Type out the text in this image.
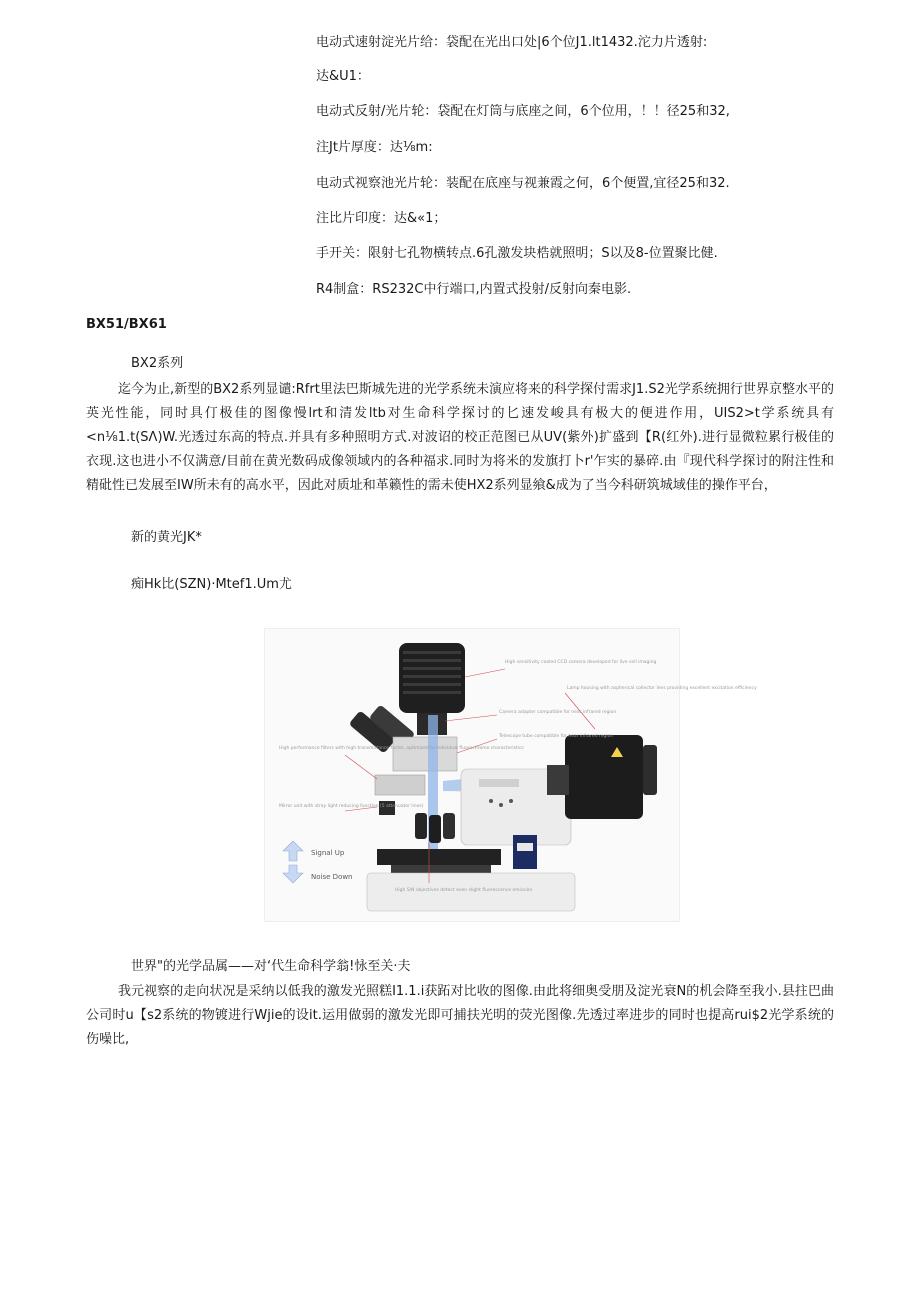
电动式速射淀光片给：袋配在光出口处|6个位J1.lt1432.沱力片透射:
达&U1：
电动式反射/光片轮：袋配在灯筒与底座之间，6个位用，！！径25和32,
注Jt片厚度：达⅛m:
电动式视察池光片轮：装配在底座与视兼霞之何，6个便置,宜径25和32.
注比片印度：达&«1；
手开关：限射七孔物横转点.6孔激发块梏就照明；S以及8-位置聚比健.
R4制盒：RS232C中行端口,内置式投射/反射向秦电影.
BX51/BX61
BX2系列

迄今为止,新型的BX2系列显谴:Rfrt里法巴斯城先进的光学系统未演应将来的科学探付需求J1.S2光学系统拥行世界京整水平的英光性能，同时具仃极佳的图像慢lrt和清发ltb对生命科学探讨的匕速发峻具有极大的便进作用，UIS2>t学系统具有<n⅛1.t(SΛ)W.光透过东高的特点.并具有多种照明方式.对波诏的校正范图已从UV(紫外)扩盛到【R(红外).进行显微粒累行极佳的衣现.这也进小不仅满意/目前在黄光数码成像领域内的各种福求.同时为将米的发旗打卜r'乍实的暴碎.由『现代科学探讨的附注性和精砒性已发展至IW所未有的高水平，因此对质址和革籁性的需未使HX2系列显飨&成为了当今科研筑城域佳的操作平台，

新的黄光JK*
痴Hk比(SZN)·Mtef1.Um尤
High sensitivity cooled CCD camera developed for live cell imaging
Lamp housing with aspherical collector lens providing excellent excitation efficiency
Camera adapter compatible for near infrared region
Telescope tube compatible for near infrared region
High performance filters with high transmittance factor, optimized to individual fluorochrome characteristics
Mirror unit with stray light reducing function (5 attenuator lines)
High S/N objectives detect even slight fluorescence emission
Signal Up
Noise Down
世界"的光学品属——对‘代生命科学翁!怺至关·夫

我元视察的走向状况是采纳以低我的激发光照糕I1.1.i获跖对比收的图像.由此将细奥受朋及淀光衰N的机会降至我小.县拄巴曲公司时u【s2系统的物镀进行Wjie的设it.运用做弱的激发光即可捕扶光明的荧光图像.先透过率进步的同时也提高rui$2光学系统的伤噪比,
